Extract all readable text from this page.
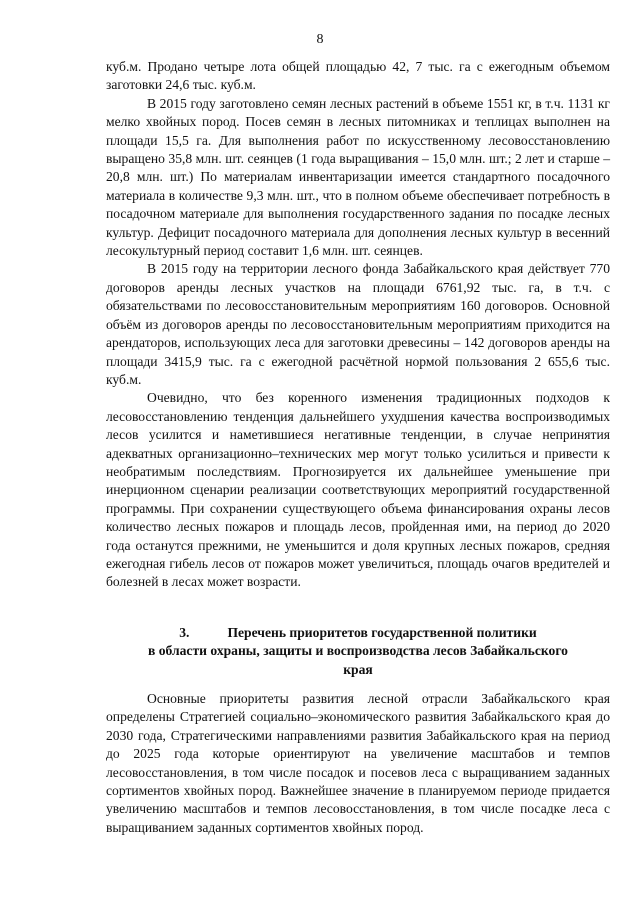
8

куб.м. Продано четыре лота общей площадью 42, 7 тыс. га с ежегодным объемом заготовки 24,6 тыс. куб.м.

В 2015 году заготовлено семян лесных растений в объеме 1551 кг, в т.ч. 1131 кг мелко хвойных пород. Посев семян в лесных питомниках и теплицах выполнен на площади 15,5 га. Для выполнения работ по искусственному лесовосстановлению выращено 35,8 млн. шт. сеянцев (1 года выращивания – 15,0 млн. шт.; 2 лет и старше – 20,8 млн. шт.) По материалам инвентаризации имеется стандартного посадочного материала в количестве 9,3 млн. шт., что в полном объеме обеспечивает потребность в посадочном материале для выполнения государственного задания по посадке лесных культур. Дефицит посадочного материала для дополнения лесных культур в весенний лесокультурный период составит 1,6 млн. шт. сеянцев.

В 2015 году на территории лесного фонда Забайкальского края действует 770 договоров аренды лесных участков на площади 6761,92 тыс. га, в т.ч. с обязательствами по лесовосстановительным мероприятиям 160 договоров. Основной объём из договоров аренды по лесовосстановительным мероприятиям приходится на арендаторов, использующих леса для заготовки древесины – 142 договоров аренды на площади 3415,9 тыс. га с ежегодной расчётной нормой пользования 2 655,6 тыс. куб.м.

Очевидно, что без коренного изменения традиционных подходов к лесовосстановлению тенденция дальнейшего ухудшения качества воспроизводимых лесов усилится и наметившиеся негативные тенденции, в случае непринятия адекватных организационно–технических мер могут только усилиться и привести к необратимым последствиям. Прогнозируется их дальнейшее уменьшение при инерционном сценарии реализации соответствующих мероприятий государственной программы. При сохранении существующего объема финансирования охраны лесов количество лесных пожаров и площадь лесов, пройденная ими, на период до 2020 года останутся прежними, не уменьшится и доля крупных лесных пожаров, средняя ежегодная гибель лесов от пожаров может увеличиться, площадь очагов вредителей и болезней в лесах может возрасти.

3.	Перечень приоритетов государственной политики
в области охраны, защиты и воспроизводства лесов Забайкальского
края

Основные приоритеты развития лесной отрасли Забайкальского края определены Стратегией социально–экономического развития Забайкальского края до 2030 года, Стратегическими направлениями развития Забайкальского края на период до 2025 года которые ориентируют на увеличение масштабов и темпов лесовосстановления, в том числе посадок и посевов леса с выращиванием заданных сортиментов хвойных пород. Важнейшее значение в планируемом периоде придается увеличению масштабов и темпов лесовосстановления, в том числе посадке леса с выращиванием заданных сортиментов хвойных пород.
